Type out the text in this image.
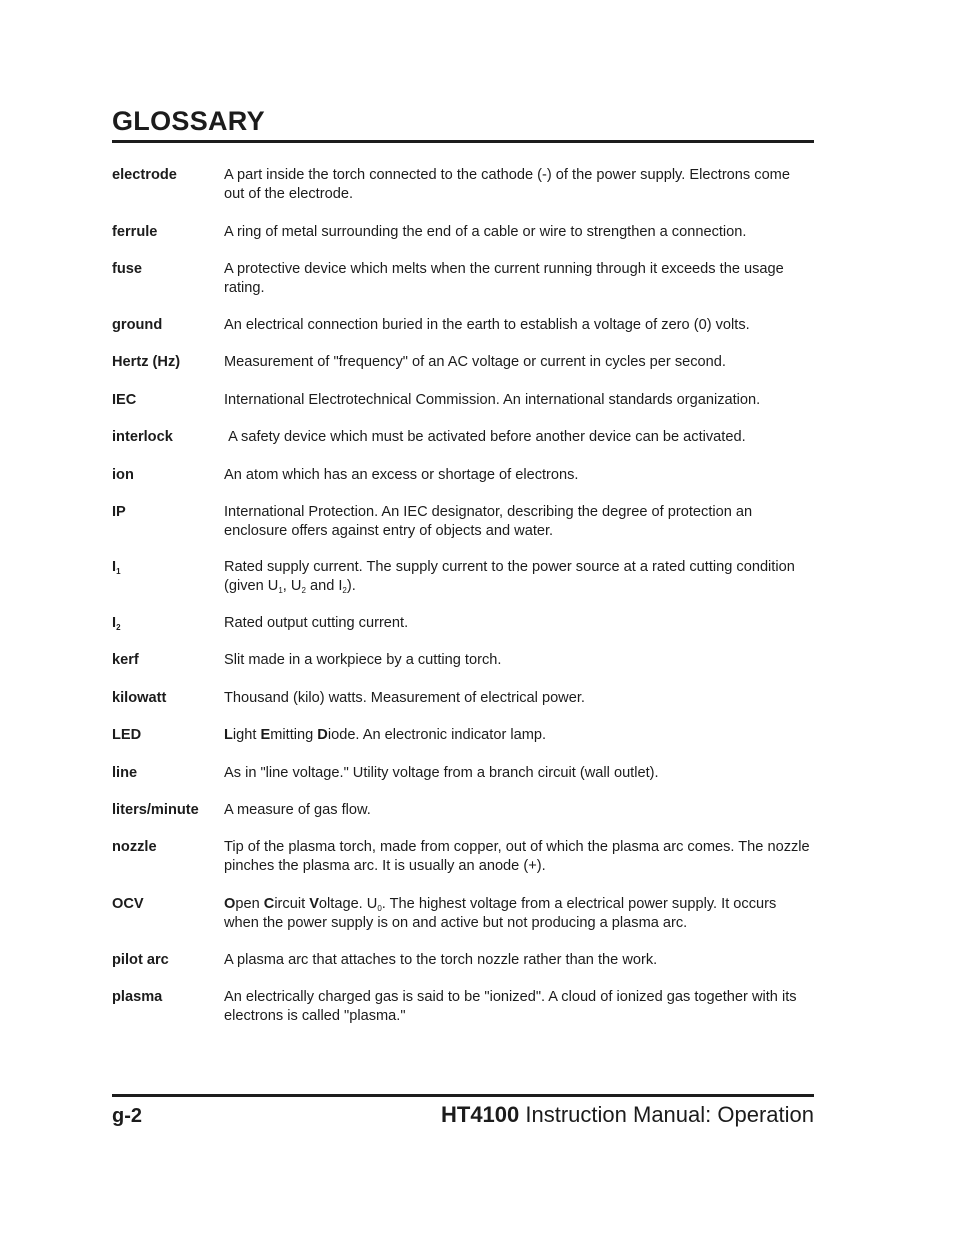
GLOSSARY
electrode	A part inside the torch connected to the cathode (-) of the power supply. Electrons come out of the electrode.
ferrule	A ring of metal surrounding the end of a cable or wire to strengthen a connection.
fuse	A protective device which melts when the current running through it exceeds the usage rating.
ground	An electrical connection buried in the earth to establish a voltage of zero (0) volts.
Hertz (Hz)	Measurement of "frequency" of an AC voltage or current in cycles per second.
IEC	International Electrotechnical Commission. An international standards organization.
interlock	A safety device which must be activated before another device can be activated.
ion	An atom which has an excess or shortage of electrons.
IP	International Protection. An IEC designator, describing the degree of protection an enclosure offers against entry of objects and water.
$I_1$	Rated supply current. The supply current to the power source at a rated cutting condition (given $U_1$, $U_2$ and $I_2$).
$I_2$	Rated output cutting current.
kerf	Slit made in a workpiece by a cutting torch.
kilowatt	Thousand (kilo) watts. Measurement of electrical power.
LED	Light Emitting Diode. An electronic indicator lamp.
line	As in "line voltage." Utility voltage from a branch circuit (wall outlet).
liters/minute	A measure of gas flow.
nozzle	Tip of the plasma torch, made from copper, out of which the plasma arc comes. The nozzle pinches the plasma arc. It is usually an anode (+).
OCV	Open Circuit Voltage. $U_0$. The highest voltage from a electrical power supply. It occurs when the power supply is on and active but not producing a plasma arc.
pilot arc	A plasma arc that attaches to the torch nozzle rather than the work.
plasma	An electrically charged gas is said to be "ionized". A cloud of ionized gas together with its electrons is called "plasma."
g-2	HT4100 Instruction Manual: Operation
